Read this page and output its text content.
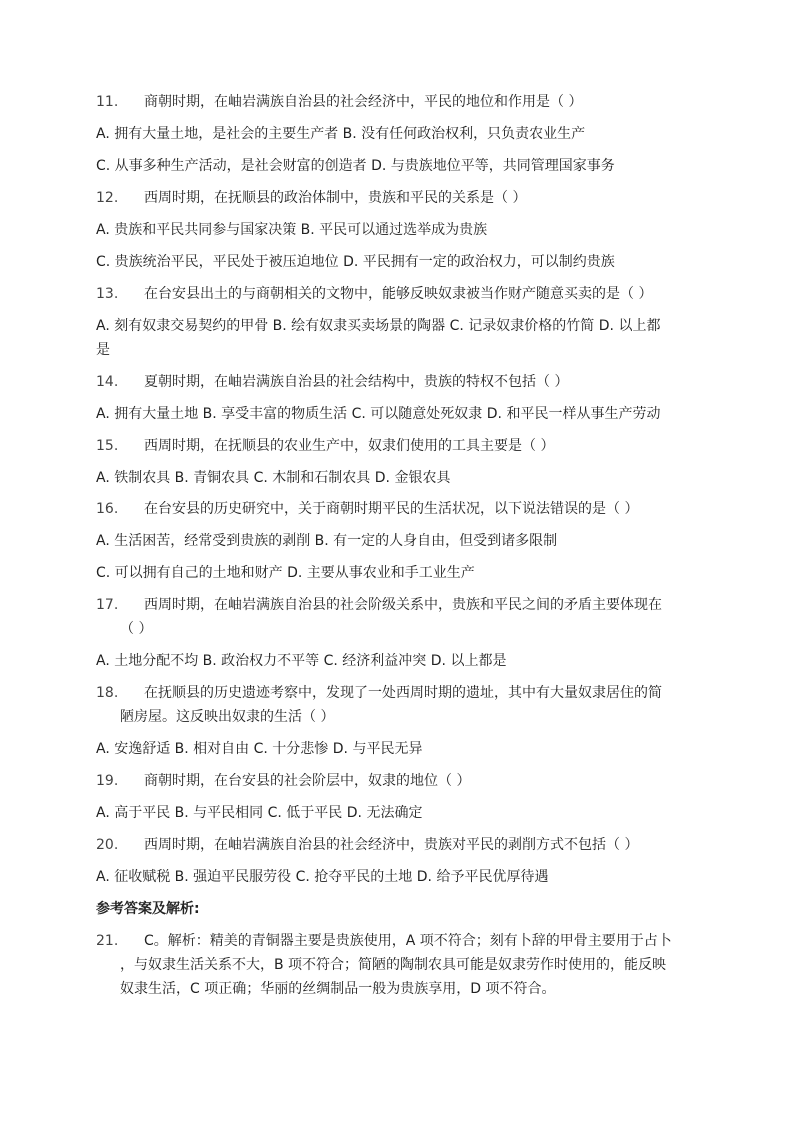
11.	商朝时期，在岫岩满族自治县的社会经济中，平民的地位和作用是（ ）
A. 拥有大量土地，是社会的主要生产者 B. 没有任何政治权利，只负责农业生产
C. 从事多种生产活动，是社会财富的创造者 D. 与贵族地位平等，共同管理国家事务
12.	西周时期，在抚顺县的政治体制中，贵族和平民的关系是（ ）
A. 贵族和平民共同参与国家决策 B. 平民可以通过选举成为贵族
C. 贵族统治平民，平民处于被压迫地位 D. 平民拥有一定的政治权力，可以制约贵族
13.	在台安县出土的与商朝相关的文物中，能够反映奴隶被当作财产随意买卖的是（ ）
A. 刻有奴隶交易契约的甲骨 B. 绘有奴隶买卖场景的陶器 C. 记录奴隶价格的竹简 D. 以上都
是
14.	夏朝时期，在岫岩满族自治县的社会结构中，贵族的特权不包括（ ）
A. 拥有大量土地 B. 享受丰富的物质生活 C. 可以随意处死奴隶 D. 和平民一样从事生产劳动
15.	西周时期，在抚顺县的农业生产中，奴隶们使用的工具主要是（ ）
A. 铁制农具 B. 青铜农具 C. 木制和石制农具 D. 金银农具
16.	在台安县的历史研究中，关于商朝时期平民的生活状况，以下说法错误的是（ ）
A. 生活困苦，经常受到贵族的剥削 B. 有一定的人身自由，但受到诸多限制
C. 可以拥有自己的土地和财产 D. 主要从事农业和手工业生产
17.	西周时期，在岫岩满族自治县的社会阶级关系中，贵族和平民之间的矛盾主要体现在
（ ）
A. 土地分配不均 B. 政治权力不平等 C. 经济利益冲突 D. 以上都是
18.	在抚顺县的历史遗迹考察中，发现了一处西周时期的遗址，其中有大量奴隶居住的简
陋房屋。这反映出奴隶的生活（ ）
A. 安逸舒适 B. 相对自由 C. 十分悲惨 D. 与平民无异
19.	商朝时期，在台安县的社会阶层中，奴隶的地位（ ）
A. 高于平民 B. 与平民相同 C. 低于平民 D. 无法确定
20.	西周时期，在岫岩满族自治县的社会经济中，贵族对平民的剥削方式不包括（ ）
A. 征收赋税 B. 强迫平民服劳役 C. 抢夺平民的土地 D. 给予平民优厚待遇
参考答案及解析:
21.	C。解析：精美的青铜器主要是贵族使用，A 项不符合；刻有卜辞的甲骨主要用于占卜
，与奴隶生活关系不大，B 项不符合；简陋的陶制农具可能是奴隶劳作时使用的，能反映
奴隶生活，C 项正确；华丽的丝绸制品一般为贵族享用，D 项不符合。
